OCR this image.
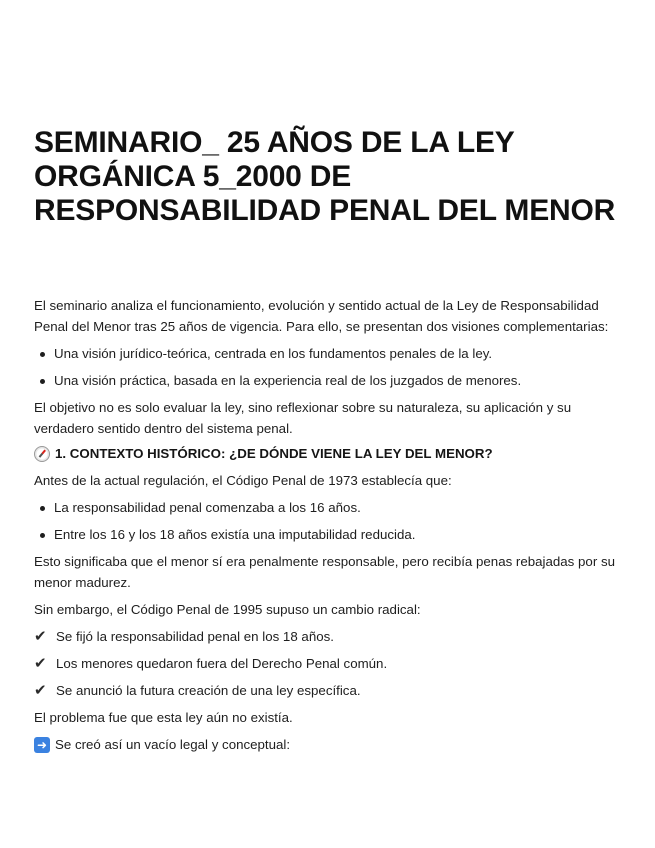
SEMINARIO_ 25 AÑOS DE LA LEY ORGÁNICA 5_2000 DE RESPONSABILIDAD PENAL DEL MENOR

El seminario analiza el funcionamiento, evolución y sentido actual de la Ley de Responsabilidad Penal del Menor tras 25 años de vigencia. Para ello, se presentan dos visiones complementarias:

Una visión jurídico-teórica, centrada en los fundamentos penales de la ley.
Una visión práctica, basada en la experiencia real de los juzgados de menores.

El objetivo no es solo evaluar la ley, sino reflexionar sobre su naturaleza, su aplicación y su verdadero sentido dentro del sistema penal.

1. CONTEXTO HISTÓRICO: ¿DE DÓNDE VIENE LA LEY DEL MENOR?

Antes de la actual regulación, el Código Penal de 1973 establecía que:

La responsabilidad penal comenzaba a los 16 años.
Entre los 16 y los 18 años existía una imputabilidad reducida.

Esto significaba que el menor sí era penalmente responsable, pero recibía penas rebajadas por su menor madurez.

Sin embargo, el Código Penal de 1995 supuso un cambio radical:

✔ Se fijó la responsabilidad penal en los 18 años.
✔ Los menores quedaron fuera del Derecho Penal común.
✔ Se anunció la futura creación de una ley específica.

El problema fue que esta ley aún no existía.

➜ Se creó así un vacío legal y conceptual:
